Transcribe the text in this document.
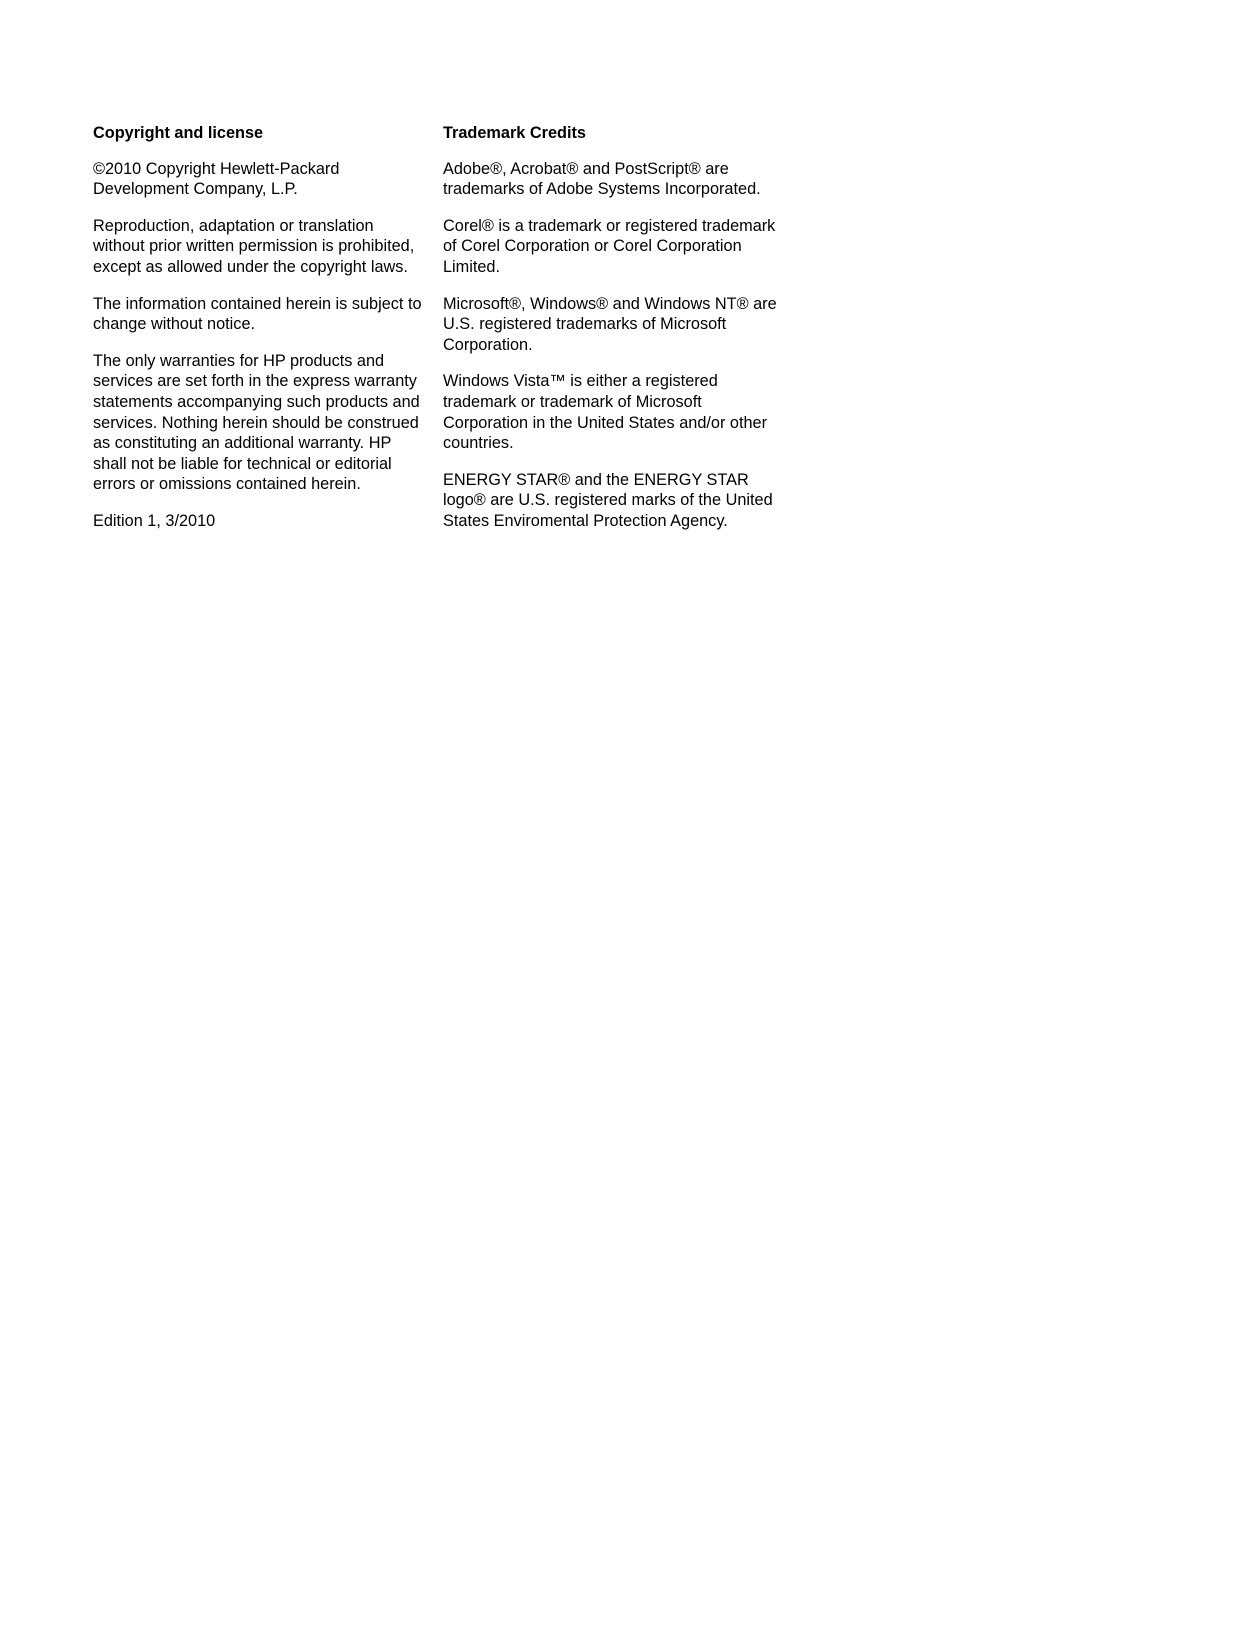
Copyright and license

©2010 Copyright Hewlett-Packard Development Company, L.P.

Reproduction, adaptation or translation without prior written permission is prohibited, except as allowed under the copyright laws.

The information contained herein is subject to change without notice.

The only warranties for HP products and services are set forth in the express warranty statements accompanying such products and services. Nothing herein should be construed as constituting an additional warranty. HP shall not be liable for technical or editorial errors or omissions contained herein.

Edition 1, 3/2010

Trademark Credits

Adobe®, Acrobat® and PostScript® are trademarks of Adobe Systems Incorporated.

Corel® is a trademark or registered trademark of Corel Corporation or Corel Corporation Limited.

Microsoft®, Windows® and Windows NT® are U.S. registered trademarks of Microsoft Corporation.

Windows Vista™ is either a registered trademark or trademark of Microsoft Corporation in the United States and/or other countries.

ENERGY STAR® and the ENERGY STAR logo® are U.S. registered marks of the United States Enviromental Protection Agency.
